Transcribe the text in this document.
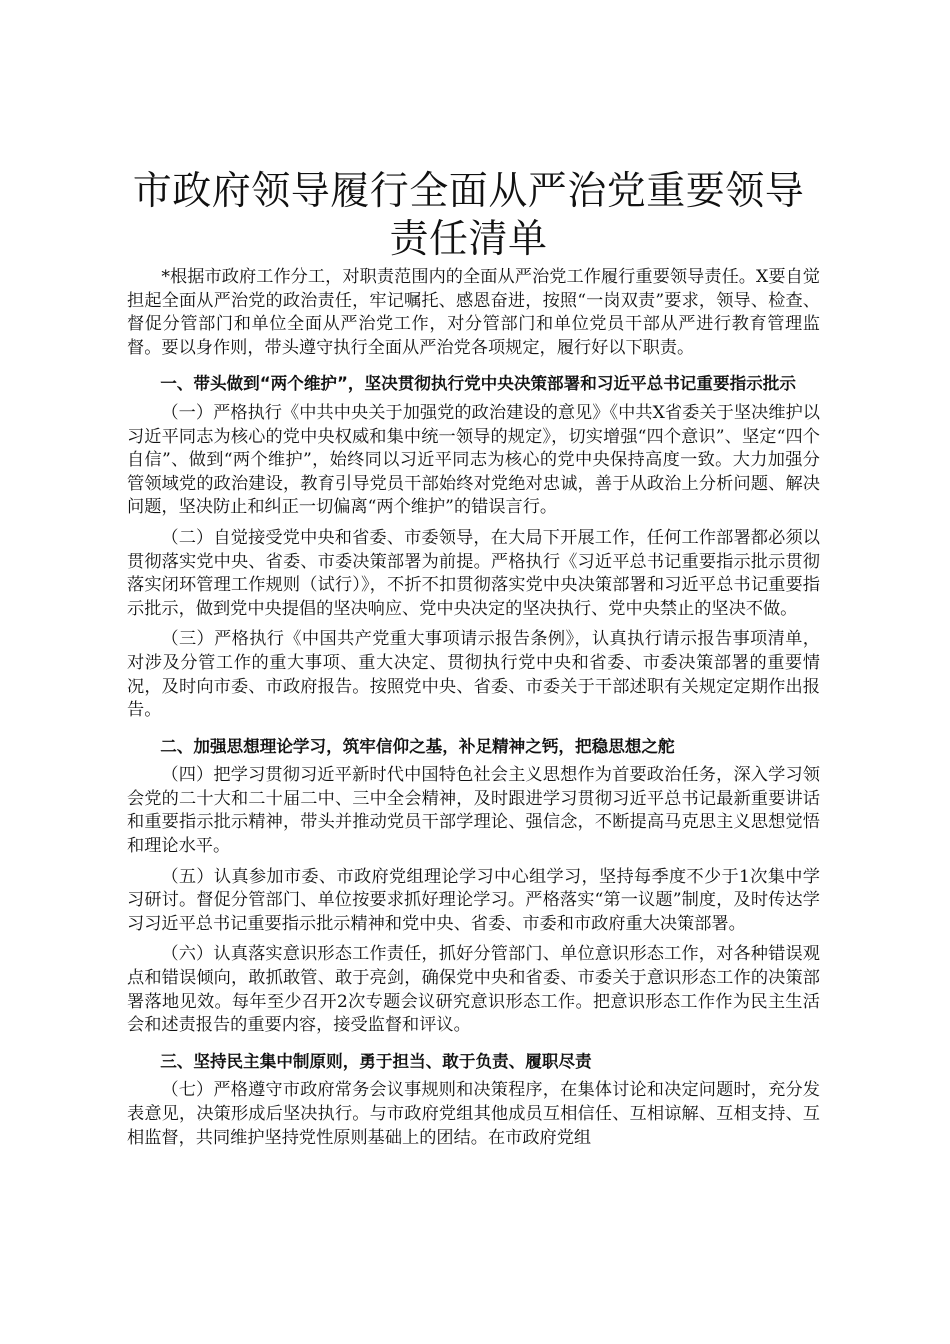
市政府领导履行全面从严治党重要领导责任清单

*根据市政府工作分工，对职责范围内的全面从严治党工作履行重要领导责任。X要自觉担起全面从严治党的政治责任，牢记嘱托、感恩奋进，按照“一岗双责”要求，领导、检查、督促分管部门和单位全面从严治党工作，对分管部门和单位党员干部从严进行教育管理监督。要以身作则，带头遵守执行全面从严治党各项规定，履行好以下职责。

一、带头做到“两个维护”，坚决贯彻执行党中央决策部署和习近平总书记重要指示批示

（一）严格执行《中共中央关于加强党的政治建设的意见》《中共X省委关于坚决维护以习近平同志为核心的党中央权威和集中统一领导的规定》，切实增强“四个意识”、坚定“四个自信”、做到“两个维护”，始终同以习近平同志为核心的党中央保持高度一致。大力加强分管领域党的政治建设，教育引导党员干部始终对党绝对忠诚，善于从政治上分析问题、解决问题，坚决防止和纠正一切偏离“两个维护”的错误言行。

（二）自觉接受党中央和省委、市委领导，在大局下开展工作，任何工作部署都必须以贯彻落实党中央、省委、市委决策部署为前提。严格执行《习近平总书记重要指示批示贯彻落实闭环管理工作规则（试行）》，不折不扣贯彻落实党中央决策部署和习近平总书记重要指示批示，做到党中央提倡的坚决响应、党中央决定的坚决执行、党中央禁止的坚决不做。

（三）严格执行《中国共产党重大事项请示报告条例》，认真执行请示报告事项清单，对涉及分管工作的重大事项、重大决定、贯彻执行党中央和省委、市委决策部署的重要情况，及时向市委、市政府报告。按照党中央、省委、市委关于干部述职有关规定定期作出报告。

二、加强思想理论学习，筑牢信仰之基，补足精神之钙，把稳思想之舵

（四）把学习贯彻习近平新时代中国特色社会主义思想作为首要政治任务，深入学习领会党的二十大和二十届二中、三中全会精神，及时跟进学习贯彻习近平总书记最新重要讲话和重要指示批示精神，带头并推动党员干部学理论、强信念，不断提高马克思主义思想觉悟和理论水平。

（五）认真参加市委、市政府党组理论学习中心组学习，坚持每季度不少于1次集中学习研讨。督促分管部门、单位按要求抓好理论学习。严格落实“第一议题”制度，及时传达学习习近平总书记重要指示批示精神和党中央、省委、市委和市政府重大决策部署。

（六）认真落实意识形态工作责任，抓好分管部门、单位意识形态工作，对各种错误观点和错误倾向，敢抓敢管、敢于亮剑，确保党中央和省委、市委关于意识形态工作的决策部署落地见效。每年至少召开2次专题会议研究意识形态工作。把意识形态工作作为民主生活会和述责报告的重要内容，接受监督和评议。

三、坚持民主集中制原则，勇于担当、敢于负责、履职尽责

（七）严格遵守市政府常务会议事规则和决策程序，在集体讨论和决定问题时，充分发表意见，决策形成后坚决执行。与市政府党组其他成员互相信任、互相谅解、互相支持、互相监督，共同维护坚持党性原则基础上的团结。在市政府党组
